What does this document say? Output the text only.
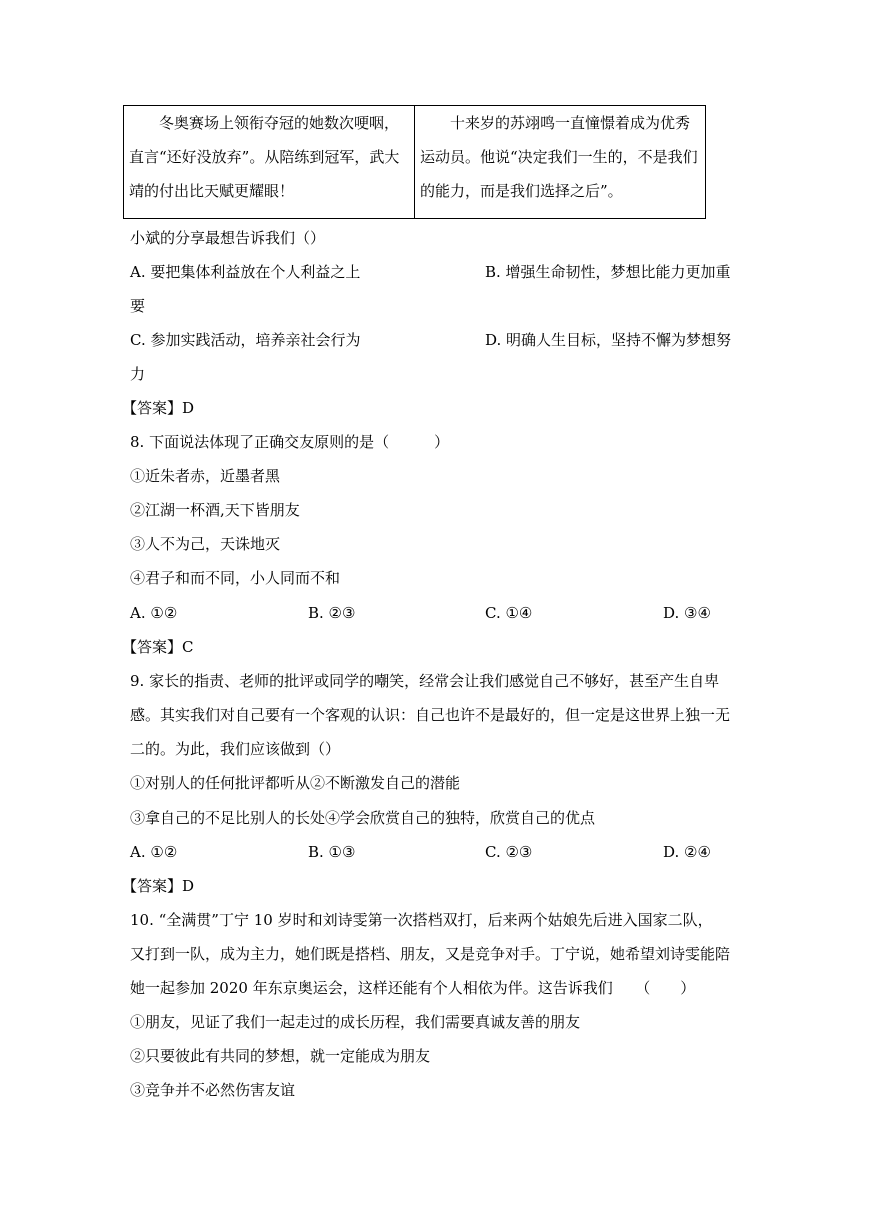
冬奥赛场上领衔夺冠的她数次哽咽，直言“还好没放弃”。从陪练到冠军，武大靖的付出比天赋更耀眼！	十来岁的苏翊鸣一直憧憬着成为优秀运动员。他说“决定我们一生的，不是我们的能力，而是我们选择之后”。
小斌的分享最想告诉我们（）
A. 要把集体利益放在个人利益之上	B. 增强生命韧性，梦想比能力更加重
要
C. 参加实践活动，培养亲社会行为	D. 明确人生目标，坚持不懈为梦想努
力
【答案】D
8. 下面说法体现了正确交友原则的是（　　　）
①近朱者赤，近墨者黑
②江湖一杯酒,天下皆朋友
③人不为己，天诛地灭
④君子和而不同，小人同而不和
A. ①②	B. ②③	C. ①④	D. ③④
【答案】C
9. 家长的指责、老师的批评或同学的嘲笑，经常会让我们感觉自己不够好，甚至产生自卑
感。其实我们对自己要有一个客观的认识：自己也许不是最好的，但一定是这世界上独一无
二的。为此，我们应该做到（）
①对别人的任何批评都听从②不断激发自己的潜能
③拿自己的不足比别人的长处④学会欣赏自己的独特，欣赏自己的优点
A. ①②	B. ①③	C. ②③	D. ②④
【答案】D
10. “全满贯”丁宁 10 岁时和刘诗雯第一次搭档双打，后来两个姑娘先后进入国家二队，
又打到一队，成为主力，她们既是搭档、朋友，又是竞争对手。丁宁说，她希望刘诗雯能陪
她一起参加 2020 年东京奥运会，这样还能有个人相依为伴。这告诉我们　　（　　）
①朋友，见证了我们一起走过的成长历程，我们需要真诚友善的朋友
②只要彼此有共同的梦想，就一定能成为朋友
③竞争并不必然伤害友谊
